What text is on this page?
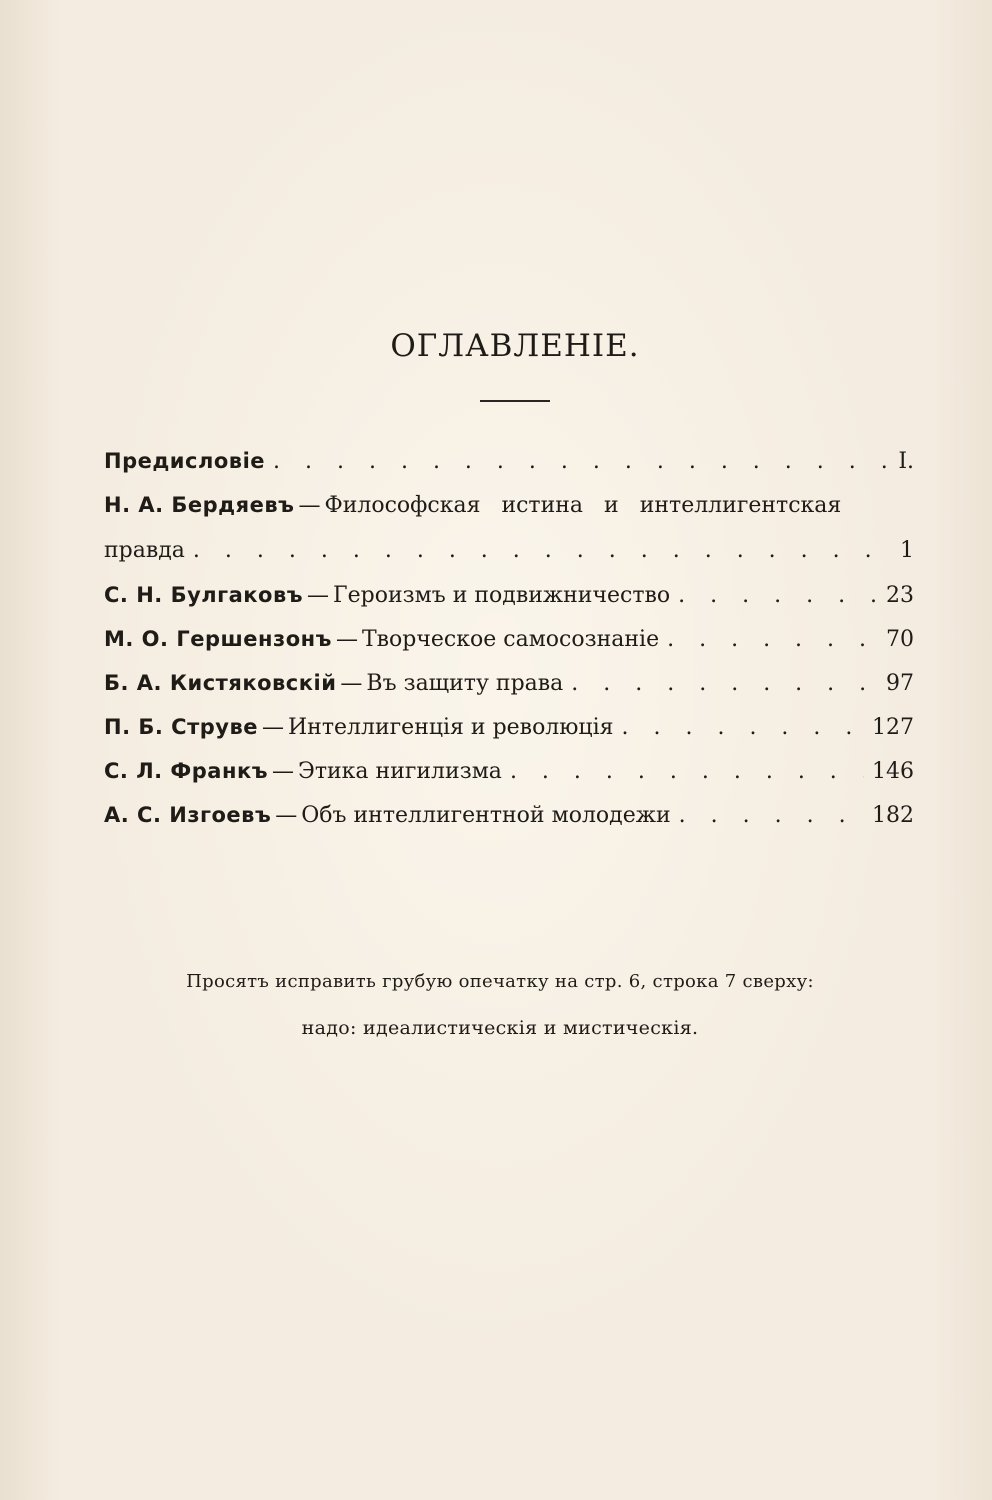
ОГЛАВЛЕНІЕ.
Предисловіе . . .	I.
Н. А. Бердяевъ — Философская истина и интеллигентская
правда . . .	1
С. Н. Булгаковъ — Героизмъ и подвижничество . . .	23
М. О. Гершензонъ — Творческое самосознаніе . . .	70
Б. А. Кистяковскій — Въ защиту права . . .	97
П. Б. Струве — Интеллигенція и революція . . .	127
С. Л. Франкъ — Этика нигилизма . . .	146
А. С. Изгоевъ — Объ интеллигентной молодежи . . .	182
Просятъ исправить грубую опечатку на стр. 6, строка 7 сверху:
надо: идеалистическія и мистическія.
